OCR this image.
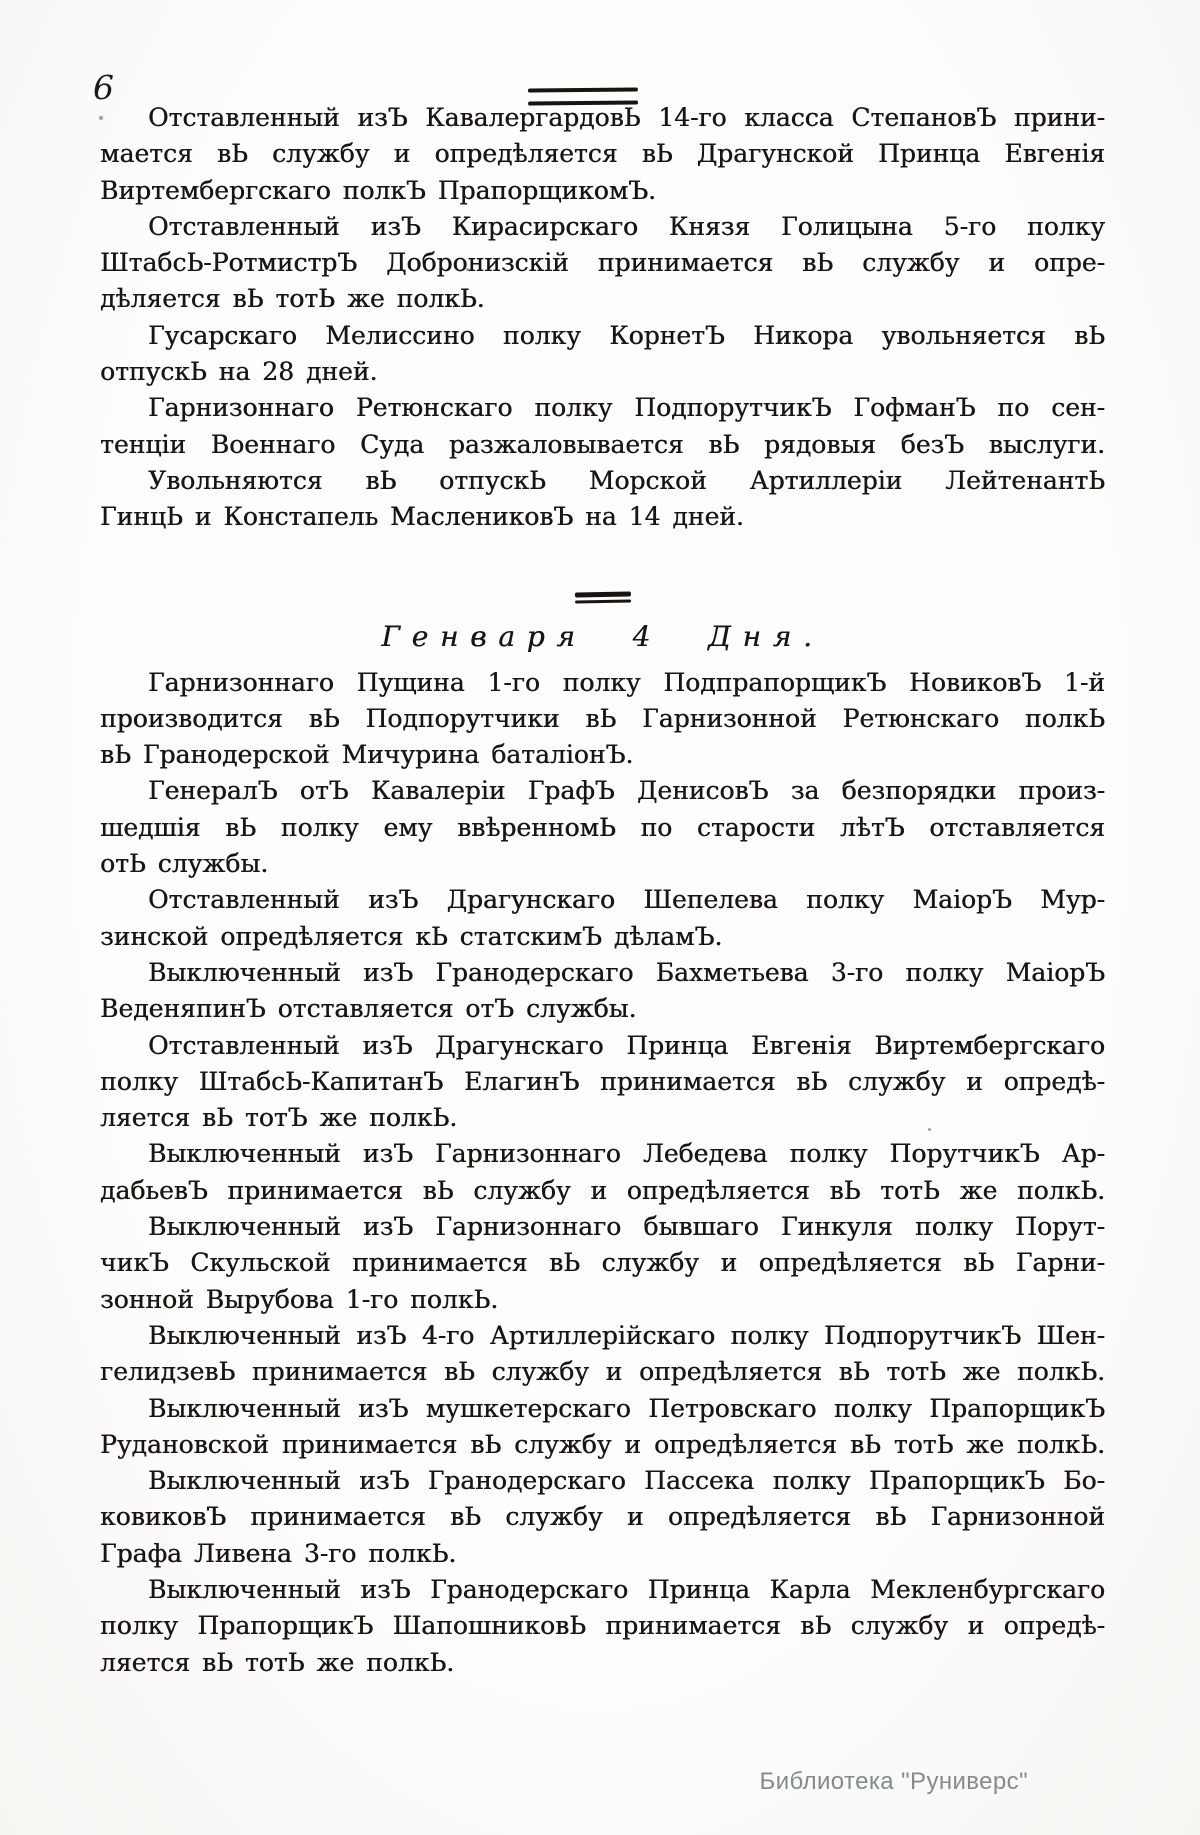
6
Отставленный изЪ КавалергардовЬ 14-го класса СтепановЪ прини-
мается вЬ службу и опредѣляется вЬ Драгунской Принца Евгенія
Виртембергскаго полкЪ ПрапорщикомЪ.
Отставленный изЪ Кирасирскаго Князя Голицына 5-го полку
ШтабсЬ-РотмистрЪ Добронизскій принимается вЬ службу и опре-
дѣляется вЬ тотЬ же полкЬ.
Гусарскаго Мелиссино полку КорнетЪ Никора увольняется вЬ
отпускЬ на 28 дней.
Гарнизоннаго Ретюнскаго полку ПодпорутчикЪ ГофманЪ по сен-
тенціи Военнаго Суда разжаловывается вЬ рядовыя безЪ выслуги.
Увольняются вЬ отпускЬ Морской Артиллеріи ЛейтенантЬ
ГинцЬ и Констапель МаслениковЪ на 14 дней.
Генваря 4 Дня.
Гарнизоннаго Пущина 1-го полку ПодпрапорщикЪ НовиковЪ 1-й
производится вЬ Подпорутчики вЬ Гарнизонной Ретюнскаго полкЬ
вЬ Гранодерской Мичурина баталіонЪ.
ГенералЪ отЪ Кавалеріи ГрафЪ ДенисовЪ за безпорядки произ-
шедшія вЬ полку ему ввѣренномЬ по старости лѣтЪ отставляется
отЬ службы.
Отставленный изЪ Драгунскаго Шепелева полку МаіорЪ Мур-
зинской опредѣляется кЬ статскимЪ дѣламЪ.
Выключенный изЪ Гранодерскаго Бахметьева 3-го полку МаіорЪ
ВеденяпинЪ отставляется отЪ службы.
Отставленный изЪ Драгунскаго Принца Евгенія Виртембергскаго
полку ШтабсЬ-КапитанЪ ЕлагинЪ принимается вЬ службу и опредѣ-
ляется вЬ тотЪ же полкЬ.
Выключенный изЪ Гарнизоннаго Лебедева полку ПорутчикЪ Ар-
дабьевЪ принимается вЬ службу и опредѣляется вЬ тотЬ же полкЬ.
Выключенный изЪ Гарнизоннаго бывшаго Гинкуля полку Порут-
чикЪ Скульской принимается вЬ службу и опредѣляется вЬ Гарни-
зонной Вырубова 1-го полкЬ.
Выключенный изЪ 4-го Артиллерійскаго полку ПодпорутчикЪ Шен-
гелидзевЬ принимается вЬ службу и опредѣляется вЬ тотЬ же полкЬ.
Выключенный изЪ мушкетерскаго Петровскаго полку ПрапорщикЪ
Рудановской принимается вЬ службу и опредѣляется вЬ тотЬ же полкЬ.
Выключенный изЪ Гранодерскаго Пассека полку ПрапорщикЪ Бо-
ковиковЪ принимается вЬ службу и опредѣляется вЬ Гарнизонной
Графа Ливена 3-го полкЬ.
Выключенный изЪ Гранодерскаго Принца Карла Мекленбургскаго
полку ПрапорщикЪ ШапошниковЬ принимается вЬ службу и опредѣ-
ляется вЬ тотЬ же полкЬ.
Библиотека "Руниверс"
